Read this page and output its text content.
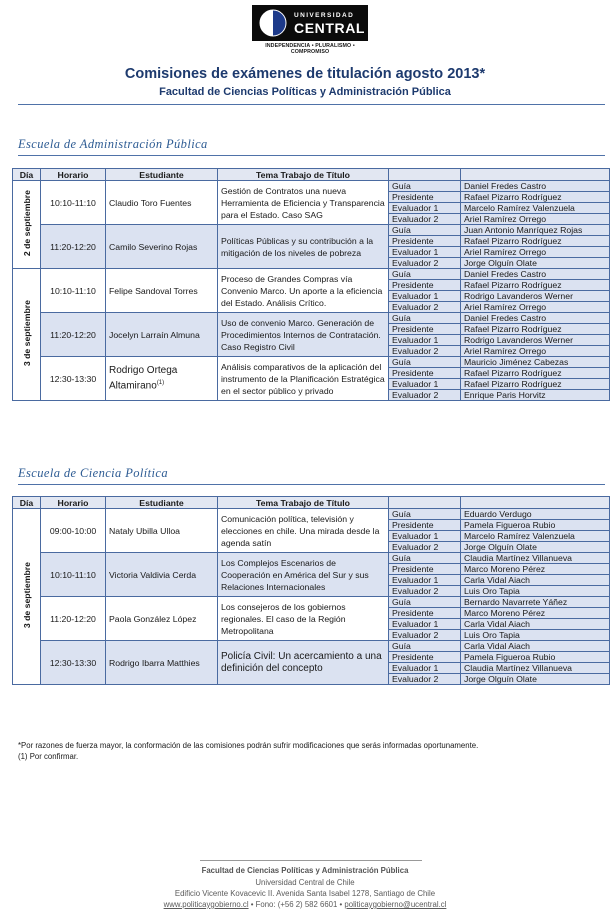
UNIVERSIDAD
CENTRAL
INDEPENDENCIA • PLURALISMO • COMPROMISO
Comisiones de exámenes de titulación agosto 2013*
Facultad de Ciencias Políticas y Administración Pública
Escuela de Administración Pública
Día	Horario	Estudiante	Tema Trabajo de Título		
2 de septiembre	10:10-11:10	Claudio Toro Fuentes	Gestión de Contratos una nueva Herramienta de Eficiencia y Transparencia para el Estado. Caso SAG	Guía	Daniel Fredes Castro
				Presidente	Rafael Pizarro Rodríguez
				Evaluador 1	Marcelo Ramírez Valenzuela
				Evaluador 2	Ariel Ramírez Orrego
	11:20-12:20	Camilo Severino Rojas	Políticas Públicas y su contribución a la mitigación de los niveles de pobreza	Guía	Juan Antonio Manríquez Rojas
				Presidente	Rafael Pizarro Rodríguez
				Evaluador 1	Ariel Ramírez Orrego
				Evaluador 2	Jorge Olguín Olate
3 de septiembre	10:10-11:10	Felipe Sandoval Torres	Proceso de Grandes Compras vía Convenio Marco. Un aporte a la eficiencia del Estado. Análisis Crítico.	Guía	Daniel Fredes Castro
				Presidente	Rafael Pizarro Rodríguez
				Evaluador 1	Rodrigo Lavanderos Werner
				Evaluador 2	Ariel Ramírez Orrego
	11:20-12:20	Jocelyn Larraín Almuna	Uso de convenio Marco. Generación de Procedimientos Internos de Contratación. Caso Registro Civil	Guía	Daniel Fredes Castro
				Presidente	Rafael Pizarro Rodríguez
				Evaluador 1	Rodrigo Lavanderos Werner
				Evaluador 2	Ariel Ramírez Orrego
	12:30-13:30	Rodrigo Ortega Altamirano$^{(1)}$	Análisis comparativos de la aplicación del instrumento de la Planificación Estratégica en el sector público y privado	Guía	Mauricio Jiménez Cabezas
				Presidente	Rafael Pizarro Rodríguez
				Evaluador 1	Rafael Pizarro Rodríguez
				Evaluador 2	Enrique Paris Horvitz
Escuela de Ciencia Política
Día	Horario	Estudiante	Tema Trabajo de Título		
3 de septiembre	09:00-10:00	Nataly Ubilla Ulloa	Comunicación política, televisión y elecciones en chile. Una mirada desde la agenda satín	Guía	Eduardo Verdugo
				Presidente	Pamela Figueroa Rubio
				Evaluador 1	Marcelo Ramírez Valenzuela
				Evaluador 2	Jorge Olguín Olate
	10:10-11:10	Victoria Valdivia Cerda	Los Complejos Escenarios de Cooperación en América del Sur y sus Relaciones Internacionales	Guía	Claudia Martínez Villanueva
				Presidente	Marco Moreno Pérez
				Evaluador 1	Carla Vidal Aiach
				Evaluador 2	Luis Oro Tapia
	11:20-12:20	Paola González López	Los consejeros de los gobiernos regionales. El caso de la Región Metropolitana	Guía	Bernardo Navarrete Yáñez
				Presidente	Marco Moreno Pérez
				Evaluador 1	Carla Vidal Aiach
				Evaluador 2	Luis Oro Tapia
	12:30-13:30	Rodrigo Ibarra Matthies	Policía Civil: Un acercamiento a una definición del concepto	Guía	Carla Vidal Aiach
				Presidente	Pamela Figueroa Rubio
				Evaluador 1	Claudia Martínez Villanueva
				Evaluador 2	Jorge Olguín Olate
*Por razones de fuerza mayor, la conformación de las comisiones podrán sufrir modificaciones que serás informadas oportunamente.
(1) Por confirmar.
Facultad de Ciencias Políticas y Administración Pública
Universidad Central de Chile
Edificio Vicente Kovacevic II. Avenida Santa Isabel 1278, Santiago de Chile
www.politicaygobierno.cl • Fono: (+56 2) 582 6601 • politicaygobierno@ucentral.cl
